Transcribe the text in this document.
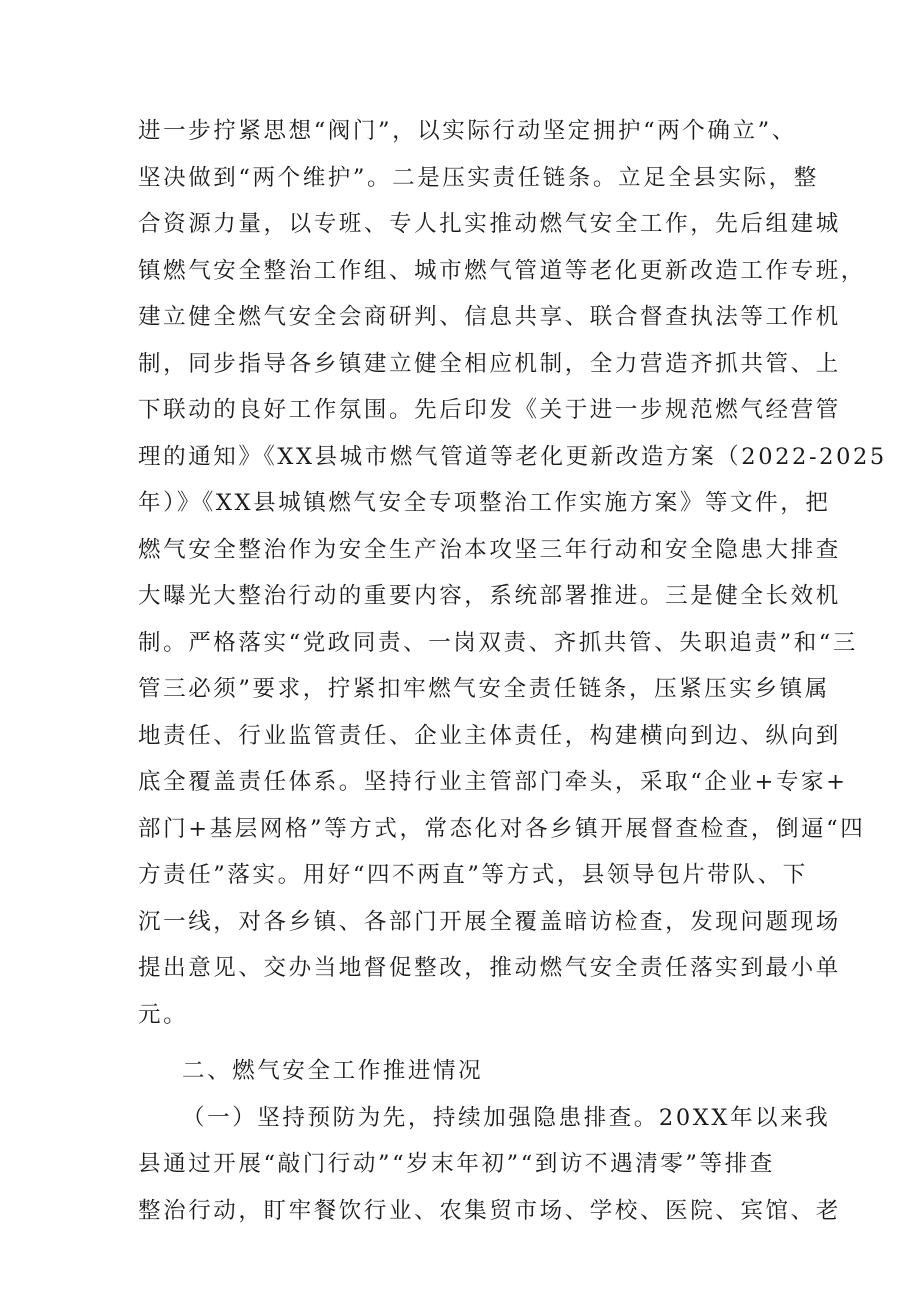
进一步拧紧思想“阀门”，以实际行动坚定拥护“两个确立”、
坚决做到“两个维护”。二是压实责任链条。立足全县实际，整
合资源力量，以专班、专人扎实推动燃气安全工作，先后组建城
镇燃气安全整治工作组、城市燃气管道等老化更新改造工作专班，
建立健全燃气安全会商研判、信息共享、联合督查执法等工作机
制，同步指导各乡镇建立健全相应机制，全力营造齐抓共管、上
下联动的良好工作氛围。先后印发《关于进一步规范燃气经营管
理的通知》《XX县城市燃气管道等老化更新改造方案（2022-2025
年）》《XX县城镇燃气安全专项整治工作实施方案》等文件，把
燃气安全整治作为安全生产治本攻坚三年行动和安全隐患大排查
大曝光大整治行动的重要内容，系统部署推进。三是健全长效机
制。严格落实“党政同责、一岗双责、齐抓共管、失职追责”和“三
管三必须”要求，拧紧扣牢燃气安全责任链条，压紧压实乡镇属
地责任、行业监管责任、企业主体责任，构建横向到边、纵向到
底全覆盖责任体系。坚持行业主管部门牵头，采取“企业+专家+
部门+基层网格”等方式，常态化对各乡镇开展督查检查，倒逼“四
方责任”落实。用好“四不两直”等方式，县领导包片带队、下
沉一线，对各乡镇、各部门开展全覆盖暗访检查，发现问题现场
提出意见、交办当地督促整改，推动燃气安全责任落实到最小单
元。
二、燃气安全工作推进情况
（一）坚持预防为先，持续加强隐患排查。20XX年以来我
县通过开展“敲门行动”“岁末年初”“到访不遇清零”等排查
整治行动，盯牢餐饮行业、农集贸市场、学校、医院、宾馆、老
